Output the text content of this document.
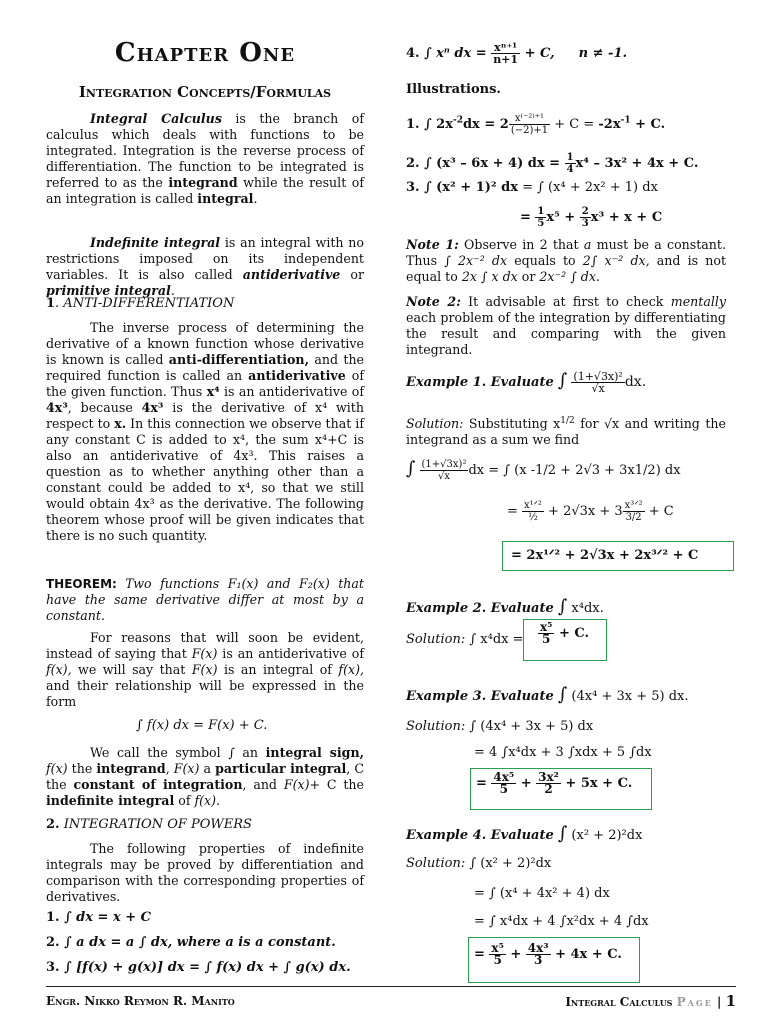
Chapter One
Integration Concepts/Formulas
Integral Calculus is the branch of calculus which deals with functions to be integrated. Integration is the reverse process of differentiation. The function to be integrated is referred to as the integrand while the result of an integration is called integral.
Indefinite integral is an integral with no restrictions imposed on its independent variables. It is also called antiderivative or primitive integral.
1. ANTI-DIFFERENTIATION
The inverse process of determining the derivative of a known function whose derivative is known is called anti-differentiation, and the required function is called an antiderivative of the given function. Thus x⁴ is an antiderivative of 4x³, because 4x³ is the derivative of x⁴ with respect to x. In this connection we observe that if any constant C is added to x⁴, the sum x⁴+C is also an antiderivative of 4x³. This raises a question as to whether anything other than a constant could be added to x⁴, so that we still would obtain 4x³ as the derivative. The following theorem whose proof will be given indicates that there is no such quantity.
THEOREM: Two functions F₁(x) and F₂(x) that have the same derivative differ at most by a constant.
For reasons that will soon be evident, instead of saying that F(x) is an antiderivative of f(x), we will say that F(x) is an integral of f(x), and their relationship will be expressed in the form
∫ f(x) dx = F(x) + C.
We call the symbol ∫ an integral sign, f(x) the integrand, F(x) a particular integral, C the constant of integration, and F(x)+ C the indefinite integral of f(x).
2. INTEGRATION OF POWERS
The following properties of indefinite integrals may be proved by differentiation and comparison with the corresponding properties of derivatives.
1. ∫ dx = x + C
2. ∫ a dx = a ∫ dx, where a is a constant.
3. ∫ [f(x) + g(x)] dx = ∫ f(x) dx + ∫ g(x) dx.
4. ∫ xⁿ dx = $\frac{\text{xⁿ⁺¹}}{n+1} + C$, n ≠ -1.
Illustrations.
1. ∫ $2x^{-2}dx = 2 \frac{\text{x⁽⁻²⁾⁺¹}}{(-2)+1} + C = -2x^{-1} + C$.
2. ∫ (x³ – 6x + 4) dx = $\frac{1}{4} x^4 - 3x^2 + 4x + C$.
3. ∫ (x² + 1)² dx = ∫ (x⁴ + 2x² + 1) dx
= $\frac{1}{5} x^5 + \frac{2}{3} x^3 + x + C$
Note 1: Observe in 2 that a must be a constant. Thus ∫ 2x⁻² dx equals to 2∫ x⁻² dx, and is not equal to 2x ∫ x dx or 2x⁻² ∫ dx.
Note 2: It advisable at first to check mentally each problem of the integration by differentiating the result and comparing with the given integrand.
Example 1. Evaluate ∫ $\frac{\text{(1+√3x)²}}{√x}$ dx.
Solution: Substituting $x^{1/2}$ for √x and writing the integrand as a sum we find
∫ $\frac{\text{(1+√3x)²}}{√x}$ dx = ∫ (x -1/2 + 2√3 + 3x1/2) dx
= $\frac{\text{x¹ᐟ²}}{\text{½}} + 2√3x + 3 \frac{\text{x³ᐟ²}}{3/2} + C$
= 2x¹ᐟ² + 2√3x + 2x³ᐟ² + C
Example 2. Evaluate ∫ x⁴dx.
Solution: ∫ $x^4dx = \frac{\text{x⁵}}{5} + C$.
Example 3. Evaluate ∫ (4x⁴ + 3x + 5) dx.
Solution: ∫ (4x⁴ + 3x + 5) dx
= 4 ∫x⁴dx + 3 ∫xdx + 5 ∫dx
= $\frac{\text{4x⁵}}{5} + \frac{\text{3x²}}{2} + 5x + C$.
Example 4. Evaluate ∫ (x² + 2)²dx
Solution: ∫ (x² + 2)²dx
= ∫ (x⁴ + 4x² + 4) dx
= ∫ x⁴dx + 4 ∫x²dx + 4 ∫dx
= $\frac{\text{x⁵}}{5} + \frac{\text{4x³}}{3} + 4x + C$.
Engr. Nikko Reymon R. Manito	Integral Calculus Page | 1
